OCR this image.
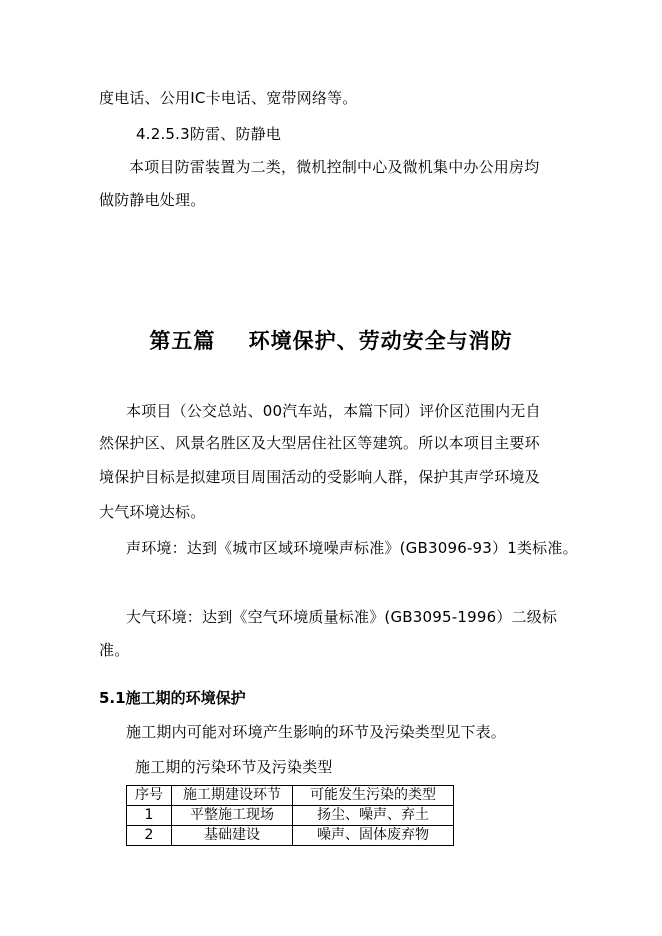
度电话、公用IC卡电话、宽带网络等。
4.2.5.3防雷、防静电
本项目防雷装置为二类，微机控制中心及微机集中办公用房均
做防静电处理。
第五篇    环境保护、劳动安全与消防
本项目（公交总站、00汽车站，本篇下同）评价区范围内无自
然保护区、风景名胜区及大型居住社区等建筑。所以本项目主要环
境保护目标是拟建项目周围活动的受影响人群，保护其声学环境及
大气环境达标。
声环境：达到《城市区域环境噪声标准》(GB3096-93）1类标准。
大气环境：达到《空气环境质量标准》(GB3095-1996）二级标
准。
5.1施工期的环境保护
施工期内可能对环境产生影响的环节及污染类型见下表。
施工期的污染环节及污染类型
序号	施工期建设环节	可能发生污染的类型
1	平整施工现场	扬尘、噪声、弃土
2	基础建设	噪声、固体废弃物
